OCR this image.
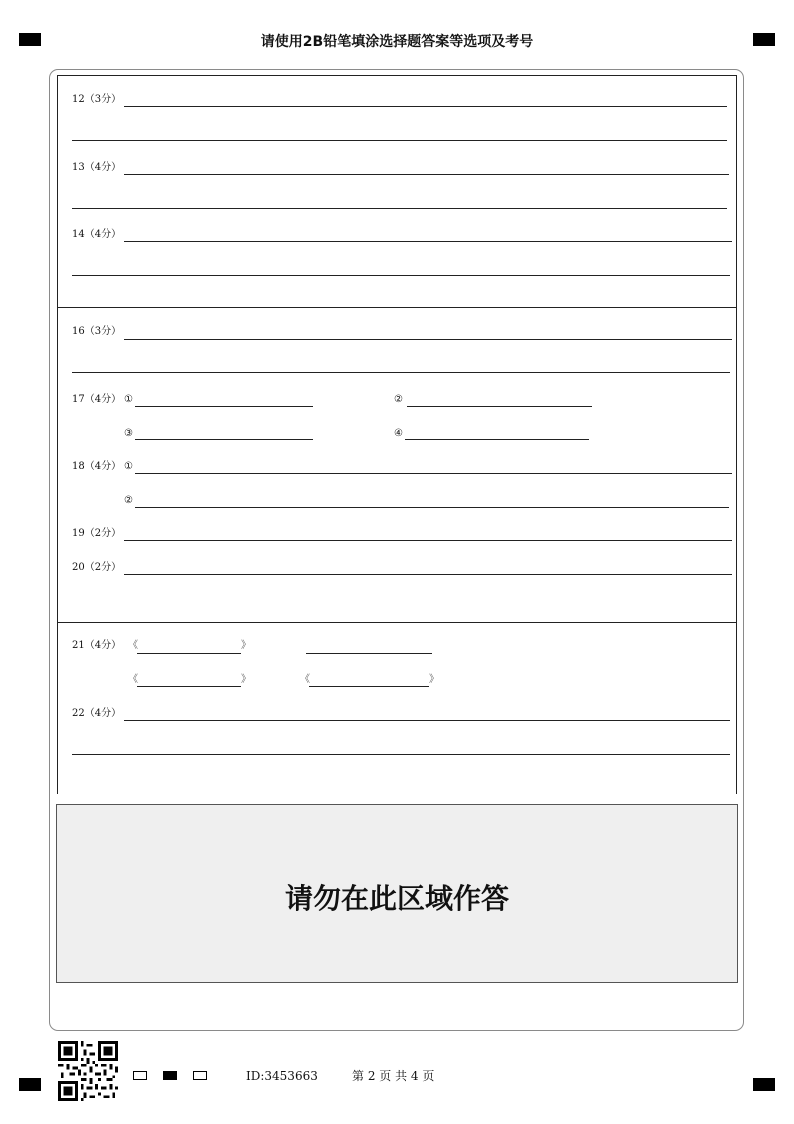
请使用2B铅笔填涂选择题答案等选项及考号
12（3分）
13（4分）
14（4分）
16（3分）
17（4分） ①	②
③	④
18（4分） ①
②
19（2分）
20（2分）
21（4分） 《	》
《	》	《	》
22（4分）
请勿在此区域作答
ID:3453663	第 2 页 共 4 页
